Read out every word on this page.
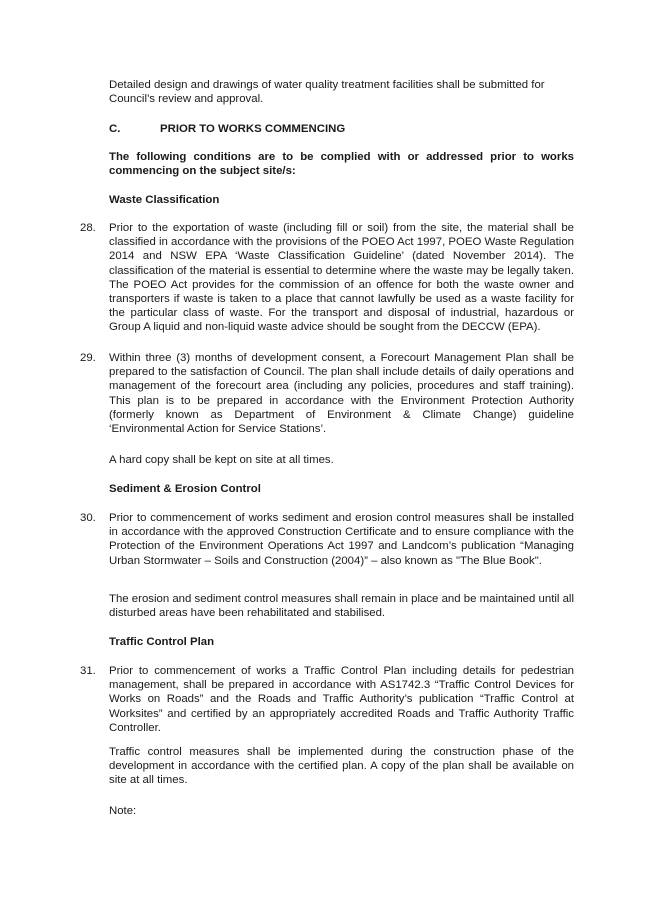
Detailed design and drawings of water quality treatment facilities shall be submitted for Council’s review and approval.

C.	PRIOR TO WORKS COMMENCING

The following conditions are to be complied with or addressed prior to works commencing on the subject site/s:

Waste Classification

28. Prior to the exportation of waste (including fill or soil) from the site, the material shall be classified in accordance with the provisions of the POEO Act 1997, POEO Waste Regulation 2014 and NSW EPA ‘Waste Classification Guideline’ (dated November 2014). The classification of the material is essential to determine where the waste may be legally taken. The POEO Act provides for the commission of an offence for both the waste owner and transporters if waste is taken to a place that cannot lawfully be used as a waste facility for the particular class of waste. For the transport and disposal of industrial, hazardous or Group A liquid and non-liquid waste advice should be sought from the DECCW (EPA).

29. Within three (3) months of development consent, a Forecourt Management Plan shall be prepared to the satisfaction of Council. The plan shall include details of daily operations and management of the forecourt area (including any policies, procedures and staff training). This plan is to be prepared in accordance with the Environment Protection Authority (formerly known as Department of Environment & Climate Change) guideline ‘Environmental Action for Service Stations’.

A hard copy shall be kept on site at all times.

Sediment & Erosion Control

30. Prior to commencement of works sediment and erosion control measures shall be installed in accordance with the approved Construction Certificate and to ensure compliance with the Protection of the Environment Operations Act 1997 and Landcom’s publication “Managing Urban Stormwater – Soils and Construction (2004)” – also known as "The Blue Book".

The erosion and sediment control measures shall remain in place and be maintained until all disturbed areas have been rehabilitated and stabilised.

Traffic Control Plan

31. Prior to commencement of works a Traffic Control Plan including details for pedestrian management, shall be prepared in accordance with AS1742.3 “Traffic Control Devices for Works on Roads” and the Roads and Traffic Authority’s publication “Traffic Control at Worksites” and certified by an appropriately accredited Roads and Traffic Authority Traffic Controller.

Traffic control measures shall be implemented during the construction phase of the development in accordance with the certified plan. A copy of the plan shall be available on site at all times.

Note:
